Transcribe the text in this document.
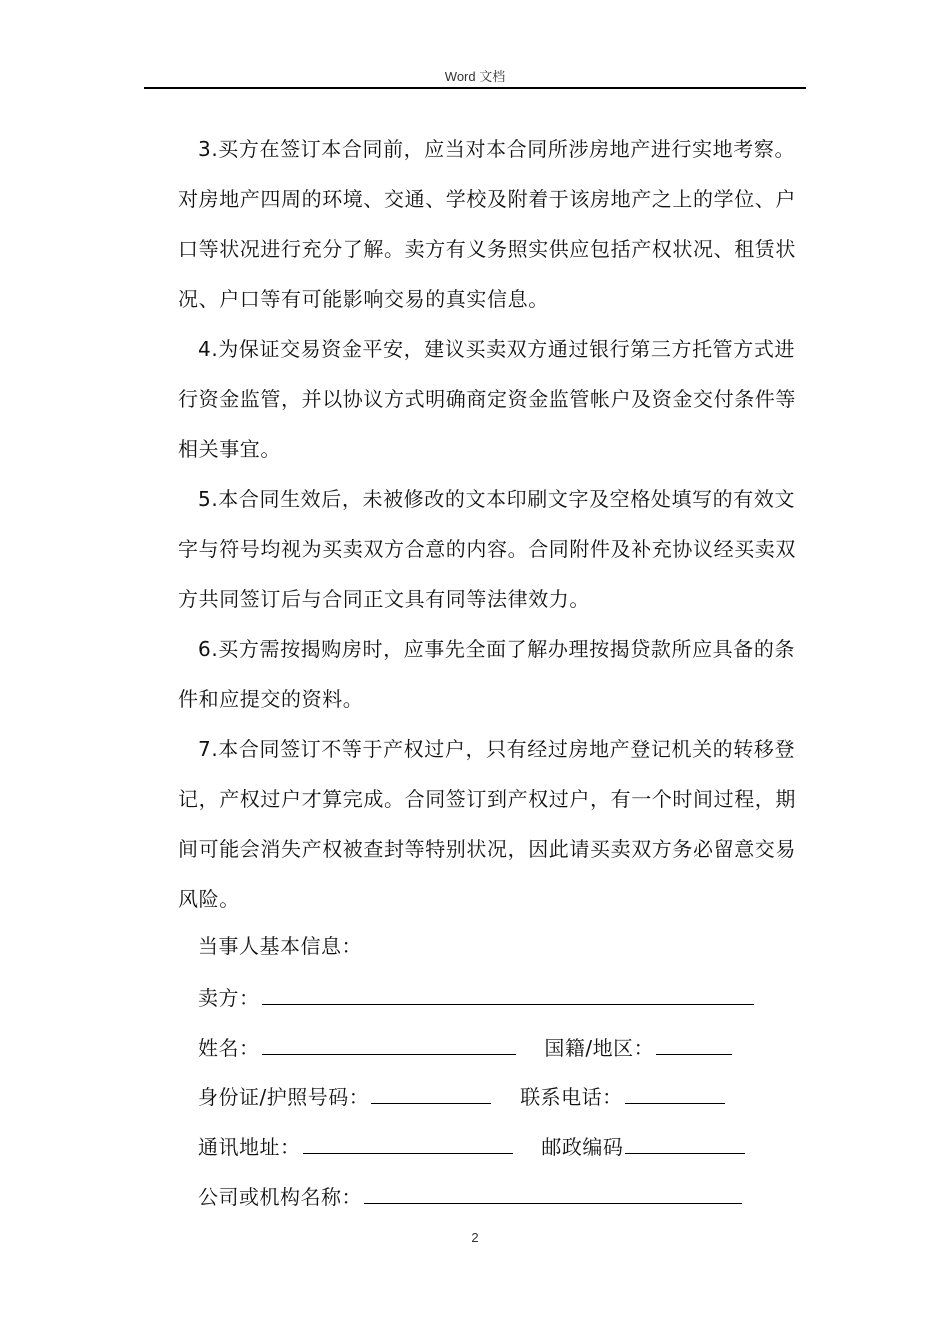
Word 文档

3.买方在签订本合同前，应当对本合同所涉房地产进行实地考察。对房地产四周的环境、交通、学校及附着于该房地产之上的学位、户口等状况进行充分了解。卖方有义务照实供应包括产权状况、租赁状况、户口等有可能影响交易的真实信息。

4.为保证交易资金平安，建议买卖双方通过银行第三方托管方式进行资金监管，并以协议方式明确商定资金监管帐户及资金交付条件等相关事宜。

5.本合同生效后，未被修改的文本印刷文字及空格处填写的有效文字与符号均视为买卖双方合意的内容。合同附件及补充协议经买卖双方共同签订后与合同正文具有同等法律效力。

6.买方需按揭购房时，应事先全面了解办理按揭贷款所应具备的条件和应提交的资料。

7.本合同签订不等于产权过户，只有经过房地产登记机关的转移登记，产权过户才算完成。合同签订到产权过户，有一个时间过程，期间可能会消失产权被查封等特别状况，因此请买卖双方务必留意交易风险。

当事人基本信息：
卖方：
姓名：	国籍/地区：
身份证/护照号码：	联系电话：
通讯地址：	邮政编码
公司或机构名称：
2
